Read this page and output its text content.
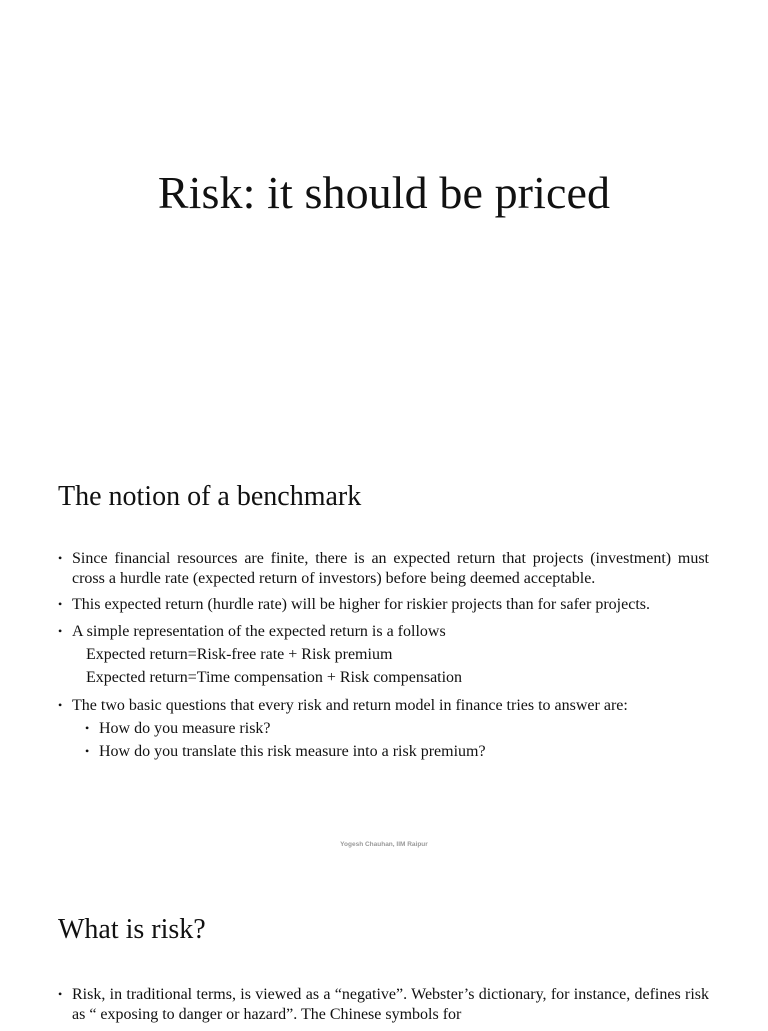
Risk: it should be priced
The notion of a benchmark
• Since financial resources are finite, there is an expected return that projects (investment) must cross a hurdle rate (expected return of investors) before being deemed acceptable.
• This expected return (hurdle rate) will be higher for riskier projects than for safer projects.
• A simple representation of the expected return is a follows
Expected return=Risk-free rate + Risk premium
Expected return=Time compensation + Risk compensation
• The two basic questions that every risk and return model in finance tries to answer are:
• How do you measure risk?
• How do you translate this risk measure into a risk premium?
Yogesh Chauhan, IIM Raipur
What is risk?
• Risk, in traditional terms, is viewed as a “negative”. Webster’s dictionary, for instance, defines risk as “ exposing to danger or hazard”. The Chinese symbols for
